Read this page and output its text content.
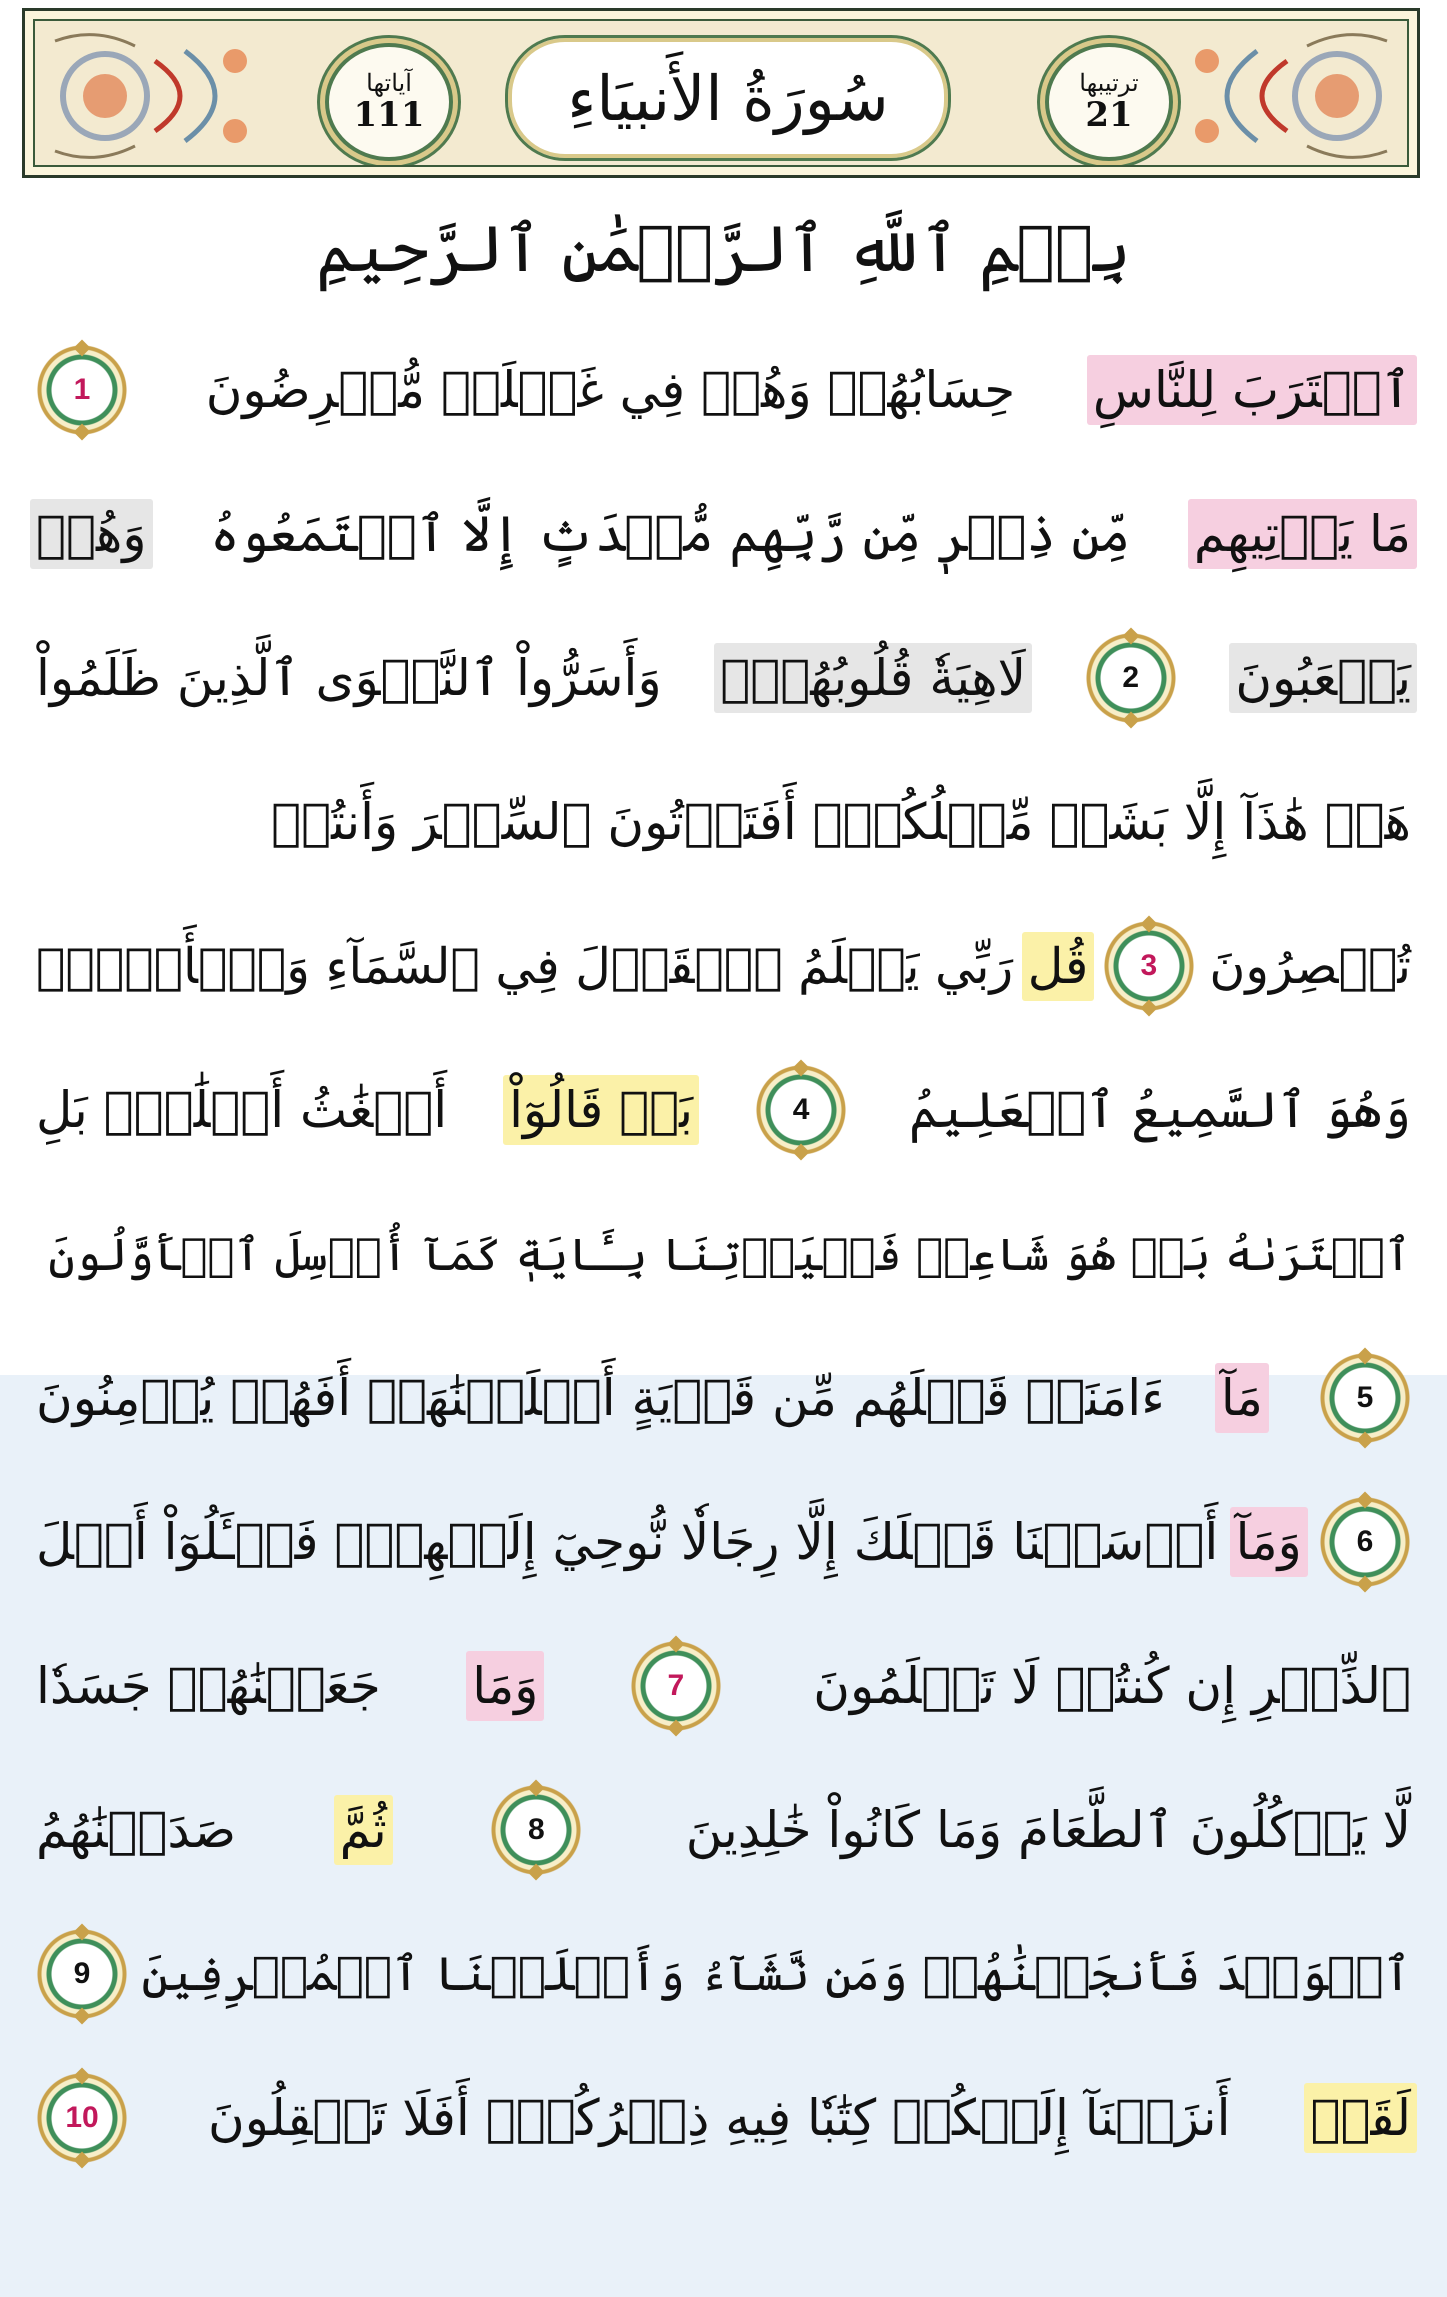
آياتها
111 سُورَةُ الأَنبيَاءِ	ترتيبها
21
بِسۡمِ ٱللَّهِ ٱلرَّحۡمَٰنِ ٱلرَّحِيمِ
ٱقۡتَرَبَ لِلنَّاسِ
حِسَابُهُمۡ وَهُمۡ فِي غَفۡلَةٖ مُّعۡرِضُونَ
1
مَا يَأۡتِيهِم
مِّن ذِكۡرٖ مِّن رَّبِّهِم مُّحۡدَثٍ إِلَّا ٱسۡتَمَعُوهُ
وَهُمۡ
يَلۡعَبُونَ
2
لَاهِيَةٗ قُلُوبُهُمۡۗ
وَأَسَرُّواْ ٱلنَّجۡوَى ٱلَّذِينَ ظَلَمُواْ
هَلۡ هَٰذَآ إِلَّا بَشَرٞ مِّثۡلُكُمۡۖ أَفَتَأۡتُونَ ٱلسِّحۡرَ وَأَنتُمۡ
تُبۡصِرُونَ
3
قُل
رَبِّي يَعۡلَمُ ٱلۡقَوۡلَ فِي ٱلسَّمَآءِ وَٱلۡأَرۡضِۖ
وَهُوَ ٱلسَّمِيعُ ٱلۡعَلِيمُ
4
بَلۡ قَالُوٓاْ
أَضۡغَٰثُ أَحۡلَٰمِۭ بَلِ
ٱفۡتَرَىٰهُ بَلۡ هُوَ شَاعِرٞ فَلۡيَأۡتِنَا بِـَٔايَةٖ كَمَآ أُرۡسِلَ ٱلۡأَوَّلُونَ
5
مَآ
ءَامَنَتۡ قَبۡلَهُم مِّن قَرۡيَةٍ أَهۡلَكۡنَٰهَآۖ أَفَهُمۡ يُؤۡمِنُونَ
6
وَمَآ
أَرۡسَلۡنَا قَبۡلَكَ إِلَّا رِجَالٗا نُّوحِيٓ إِلَيۡهِمۡۖ فَسۡـَٔلُوٓاْ أَهۡلَ
ٱلذِّكۡرِ إِن كُنتُمۡ لَا تَعۡلَمُونَ
7
وَمَا
جَعَلۡنَٰهُمۡ جَسَدٗا
لَّا يَأۡكُلُونَ ٱلطَّعَامَ وَمَا كَانُواْ خَٰلِدِينَ
8
ثُمَّ
صَدَقۡنَٰهُمُ
ٱلۡوَعۡدَ فَأَنجَيۡنَٰهُمۡ وَمَن نَّشَآءُ وَأَهۡلَكۡنَا ٱلۡمُسۡرِفِينَ
9
لَقَدۡ
أَنزَلۡنَآ إِلَيۡكُمۡ كِتَٰبٗا فِيهِ ذِكۡرُكُمۡۚ أَفَلَا تَعۡقِلُونَ
10
